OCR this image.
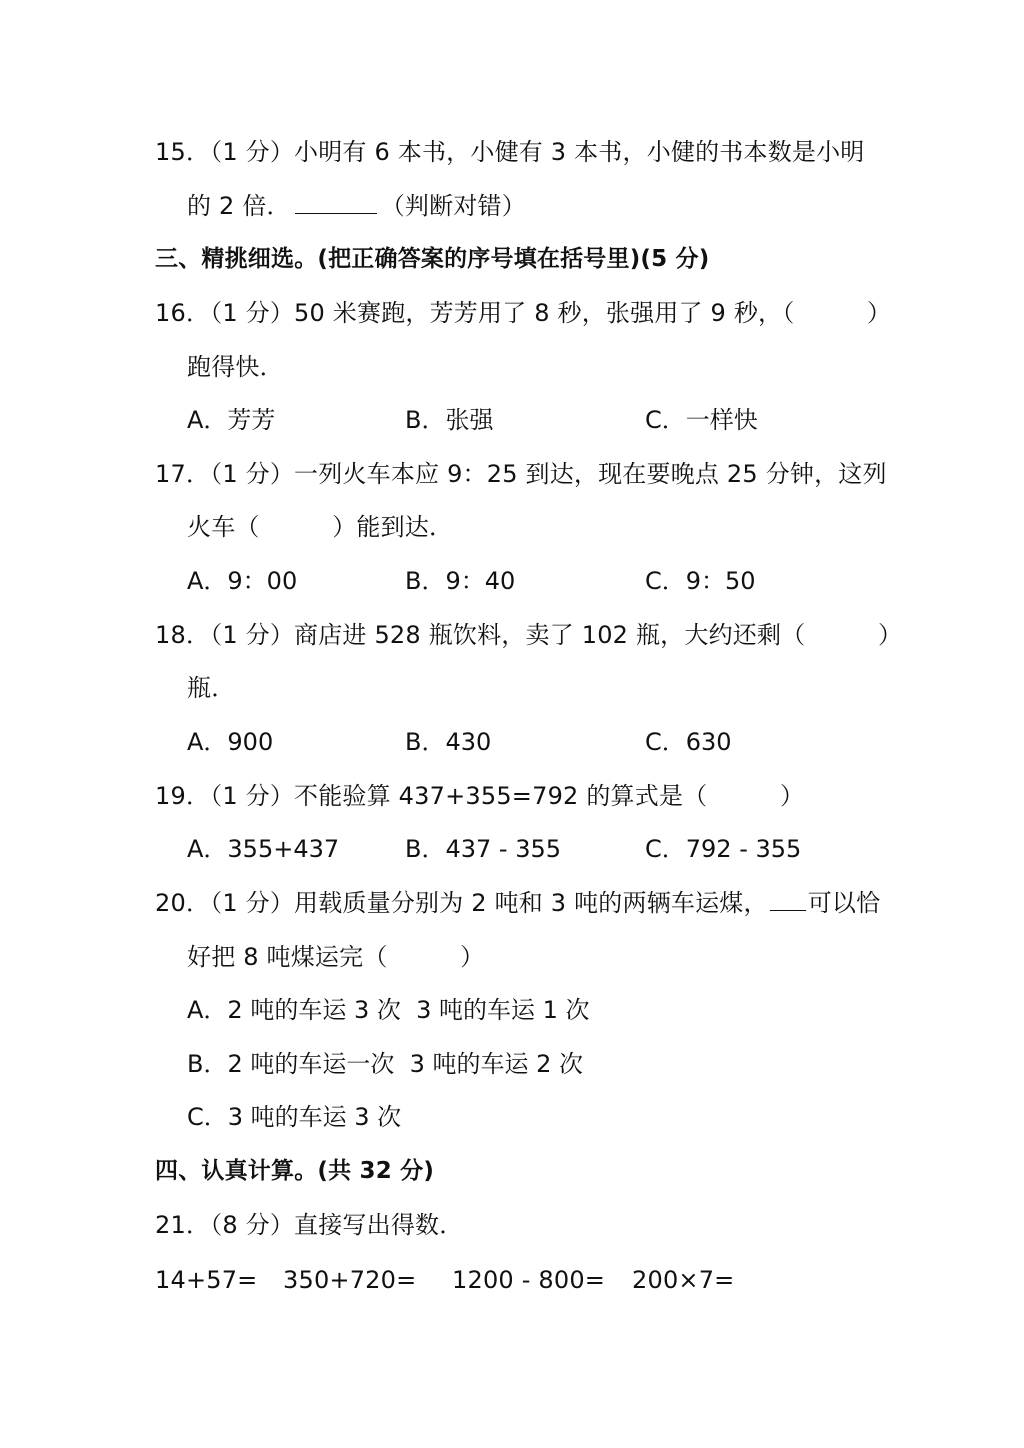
15．（1 分）小明有 6 本书，小健有 3 本书，小健的书本数是小明
的 2 倍．	（判断对错）
三、精挑细选。(把正确答案的序号填在括号里)(5 分)
16．（1 分）50 米赛跑，芳芳用了 8 秒，张强用了 9 秒，（　　　）
跑得快．
A．芳芳	B．张强	C．一样快
17．（1 分）一列火车本应 9：25 到达，现在要晚点 25 分钟，这列
火车（　　　）能到达．
A．9：00	B．9：40	C．9：50
18．（1 分）商店进 528 瓶饮料，卖了 102 瓶，大约还剩（　　　）
瓶．
A．900	B．430	C．630
19．（1 分）不能验算 437+355=792 的算式是（　　　）
A．355+437	B．437 - 355	C．792 - 355
20．（1 分）用载质量分别为 2 吨和 3 吨的两辆车运煤， 可以恰
好把 8 吨煤运完（　　　）
A．2 吨的车运 3 次  3 吨的车运 1 次
B．2 吨的车运一次  3 吨的车运 2 次
C．3 吨的车运 3 次
四、认真计算。(共 32 分)
21．（8 分）直接写出得数．
14+57= 350+720= 1200 - 800= 200×7=
